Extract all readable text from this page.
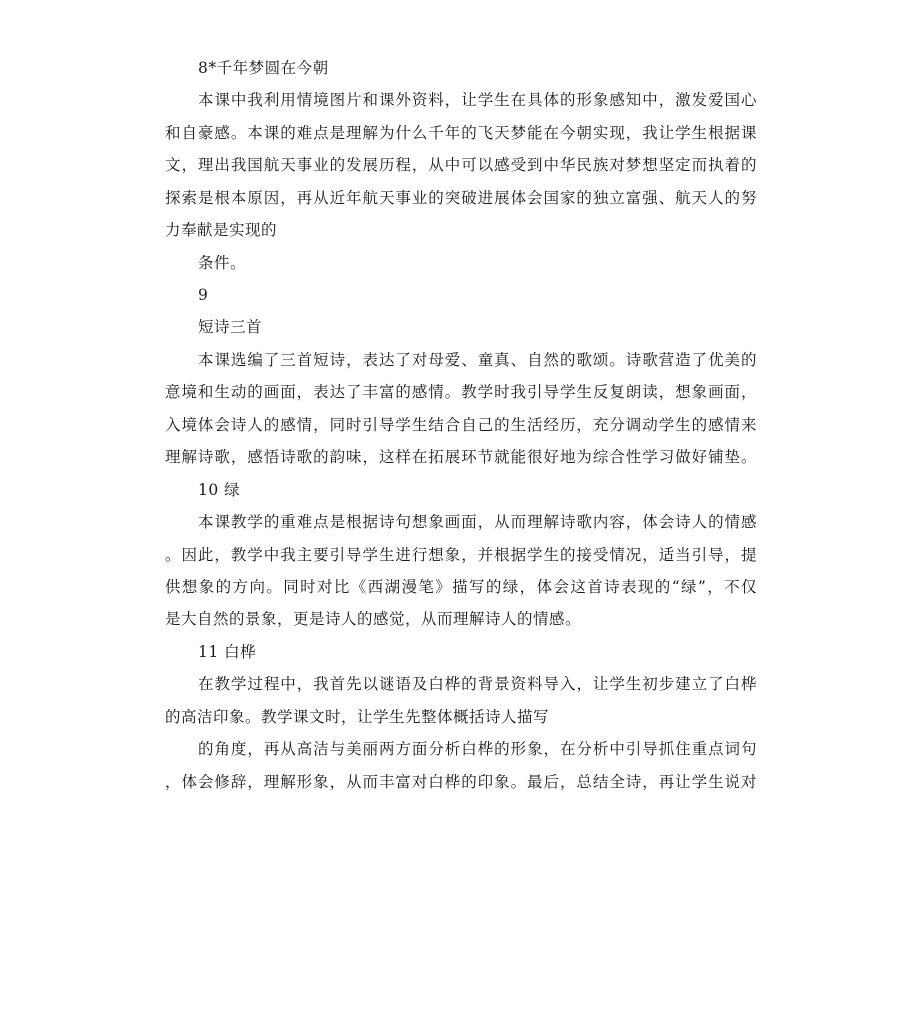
8*千年梦圆在今朝
本课中我利用情境图片和课外资料，让学生在具体的形象感知中，激发爱国心
和自豪感。本课的难点是理解为什么千年的飞天梦能在今朝实现，我让学生根据课
文，理出我国航天事业的发展历程，从中可以感受到中华民族对梦想坚定而执着的
探索是根本原因，再从近年航天事业的突破进展体会国家的独立富强、航天人的努
力奉献是实现的
条件。
9
短诗三首
本课选编了三首短诗，表达了对母爱、童真、自然的歌颂。诗歌营造了优美的
意境和生动的画面，表达了丰富的感情。教学时我引导学生反复朗读，想象画面，
入境体会诗人的感情，同时引导学生结合自己的生活经历，充分调动学生的感情来
理解诗歌，感悟诗歌的韵味，这样在拓展环节就能很好地为综合性学习做好铺垫。
10 绿
本课教学的重难点是根据诗句想象画面，从而理解诗歌内容，体会诗人的情感
。因此，教学中我主要引导学生进行想象，并根据学生的接受情况，适当引导，提
供想象的方向。同时对比《西湖漫笔》描写的绿，体会这首诗表现的“绿”，不仅
是大自然的景象，更是诗人的感觉，从而理解诗人的情感。
11 白桦
在教学过程中，我首先以谜语及白桦的背景资料导入，让学生初步建立了白桦
的高洁印象。教学课文时，让学生先整体概括诗人描写
的角度，再从高洁与美丽两方面分析白桦的形象，在分析中引导抓住重点词句
，体会修辞，理解形象，从而丰富对白桦的印象。最后，总结全诗，再让学生说对
